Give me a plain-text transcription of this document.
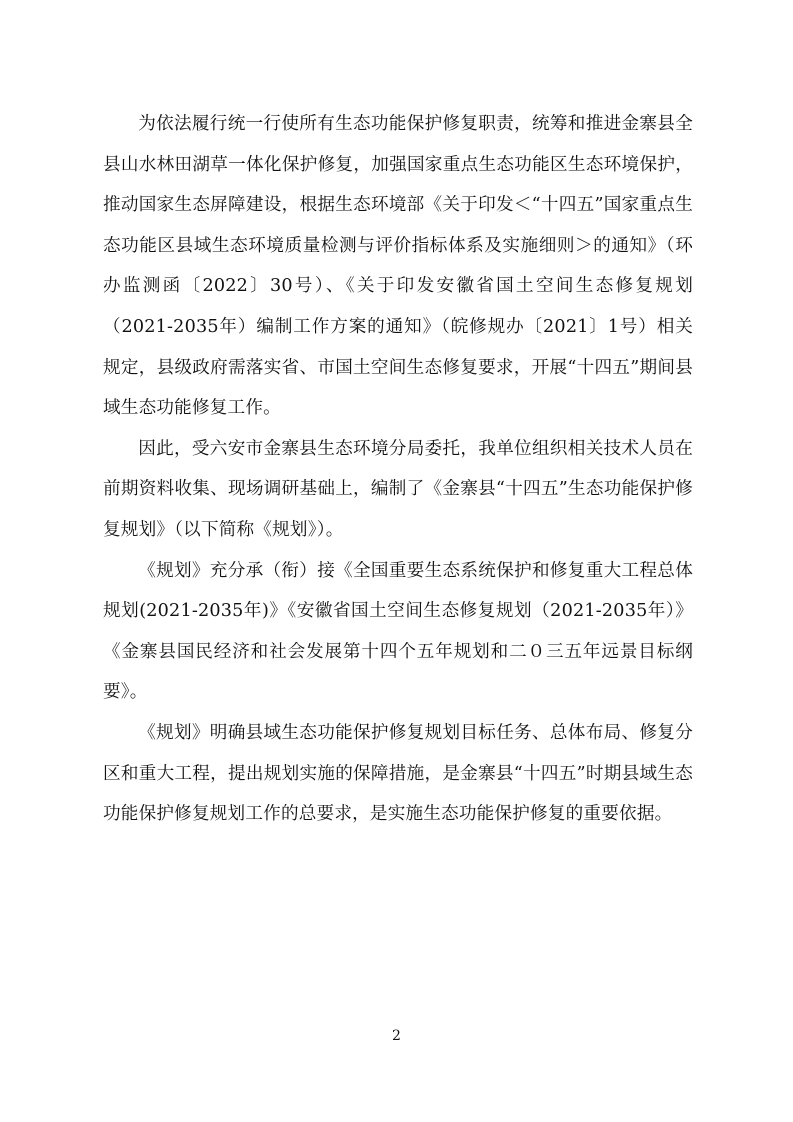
为依法履行统一行使所有生态功能保护修复职责，统筹和推进金寨县全县山水林田湖草一体化保护修复，加强国家重点生态功能区生态环境保护，推动国家生态屏障建设，根据生态环境部《关于印发＜“十四五”国家重点生态功能区县域生态环境质量检测与评价指标体系及实施细则＞的通知》（环办监测函〔2022〕30号）、《关于印发安徽省国土空间生态修复规划（2021-2035年）编制工作方案的通知》（皖修规办〔2021〕1号）相关规定，县级政府需落实省、市国土空间生态修复要求，开展“十四五”期间县域生态功能修复工作。

因此，受六安市金寨县生态环境分局委托，我单位组织相关技术人员在前期资料收集、现场调研基础上，编制了《金寨县“十四五”生态功能保护修复规划》（以下简称《规划》）。

《规划》充分承（衔）接《全国重要生态系统保护和修复重大工程总体规划(2021-2035年)》《安徽省国土空间生态修复规划（2021-2035年）》《金寨县国民经济和社会发展第十四个五年规划和二０三五年远景目标纲要》。

《规划》明确县域生态功能保护修复规划目标任务、总体布局、修复分区和重大工程，提出规划实施的保障措施，是金寨县“十四五”时期县域生态功能保护修复规划工作的总要求，是实施生态功能保护修复的重要依据。

2
